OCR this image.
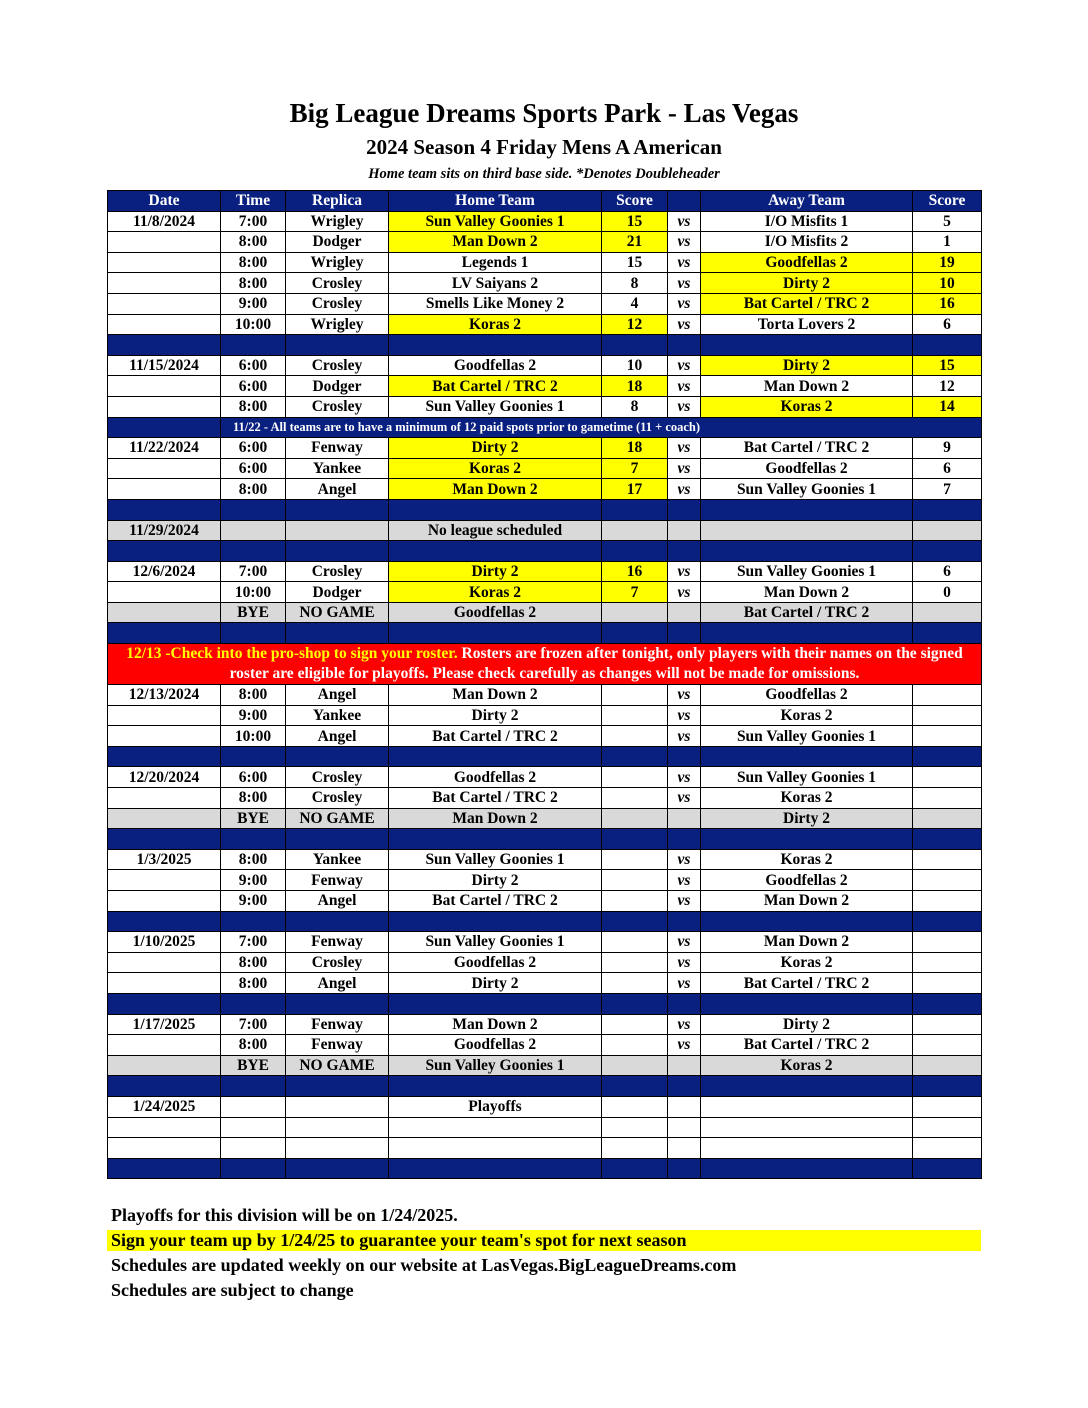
Big League Dreams Sports Park - Las Vegas
2024 Season 4 Friday Mens A American
Home team sits on third base side. *Denotes Doubleheader
Date	Time	Replica	Home Team	Score		Away Team	Score
11/8/2024	7:00	Wrigley	Sun Valley Goonies 1	15	vs	I/O Misfits 1	5
	8:00	Dodger	Man Down 2	21	vs	I/O Misfits 2	1
	8:00	Wrigley	Legends 1	15	vs	Goodfellas 2	19
	8:00	Crosley	LV Saiyans 2	8	vs	Dirty 2	10
	9:00	Crosley	Smells Like Money 2	4	vs	Bat Cartel / TRC 2	16
	10:00	Wrigley	Koras 2	12	vs	Torta Lovers 2	6

11/15/2024	6:00	Crosley	Goodfellas 2	10	vs	Dirty 2	15
	6:00	Dodger	Bat Cartel / TRC 2	18	vs	Man Down 2	12
	8:00	Crosley	Sun Valley Goonies 1	8	vs	Koras 2	14
	11/22 - All teams are to have a minimum of 12 paid spots prior to gametime (11 + coach)						
11/22/2024	6:00	Fenway	Dirty 2	18	vs	Bat Cartel / TRC 2	9
	6:00	Yankee	Koras 2	7	vs	Goodfellas 2	6
	8:00	Angel	Man Down 2	17	vs	Sun Valley Goonies 1	7

11/29/2024			No league scheduled				

12/6/2024	7:00	Crosley	Dirty 2	16	vs	Sun Valley Goonies 1	6
	10:00	Dodger	Koras 2	7	vs	Man Down 2	0
	BYE	NO GAME	Goodfellas 2			Bat Cartel / TRC 2	

12/13 -Check into the pro-shop to sign your roster. Rosters are frozen after tonight, only players with their names on the signed roster are eligible for playoffs. Please check carefully as changes will not be made for omissions.							
12/13/2024	8:00	Angel	Man Down 2		vs	Goodfellas 2	
	9:00	Yankee	Dirty 2		vs	Koras 2	
	10:00	Angel	Bat Cartel / TRC 2		vs	Sun Valley Goonies 1	

12/20/2024	6:00	Crosley	Goodfellas 2		vs	Sun Valley Goonies 1	
	8:00	Crosley	Bat Cartel / TRC 2		vs	Koras 2	
	BYE	NO GAME	Man Down 2			Dirty 2	

1/3/2025	8:00	Yankee	Sun Valley Goonies 1		vs	Koras 2	
	9:00	Fenway	Dirty 2		vs	Goodfellas 2	
	9:00	Angel	Bat Cartel / TRC 2		vs	Man Down 2	

1/10/2025	7:00	Fenway	Sun Valley Goonies 1		vs	Man Down 2	
	8:00	Crosley	Goodfellas 2		vs	Koras 2	
	8:00	Angel	Dirty 2		vs	Bat Cartel / TRC 2	

1/17/2025	7:00	Fenway	Man Down 2		vs	Dirty 2	
	8:00	Fenway	Goodfellas 2		vs	Bat Cartel / TRC 2	
	BYE	NO GAME	Sun Valley Goonies 1			Koras 2	

1/24/2025			Playoffs				

Playoffs for this division will be on 1/24/2025.
Sign your team up by 1/24/25 to guarantee your team's spot for next season
Schedules are updated weekly on our website at LasVegas.BigLeagueDreams.com
Schedules are subject to change
